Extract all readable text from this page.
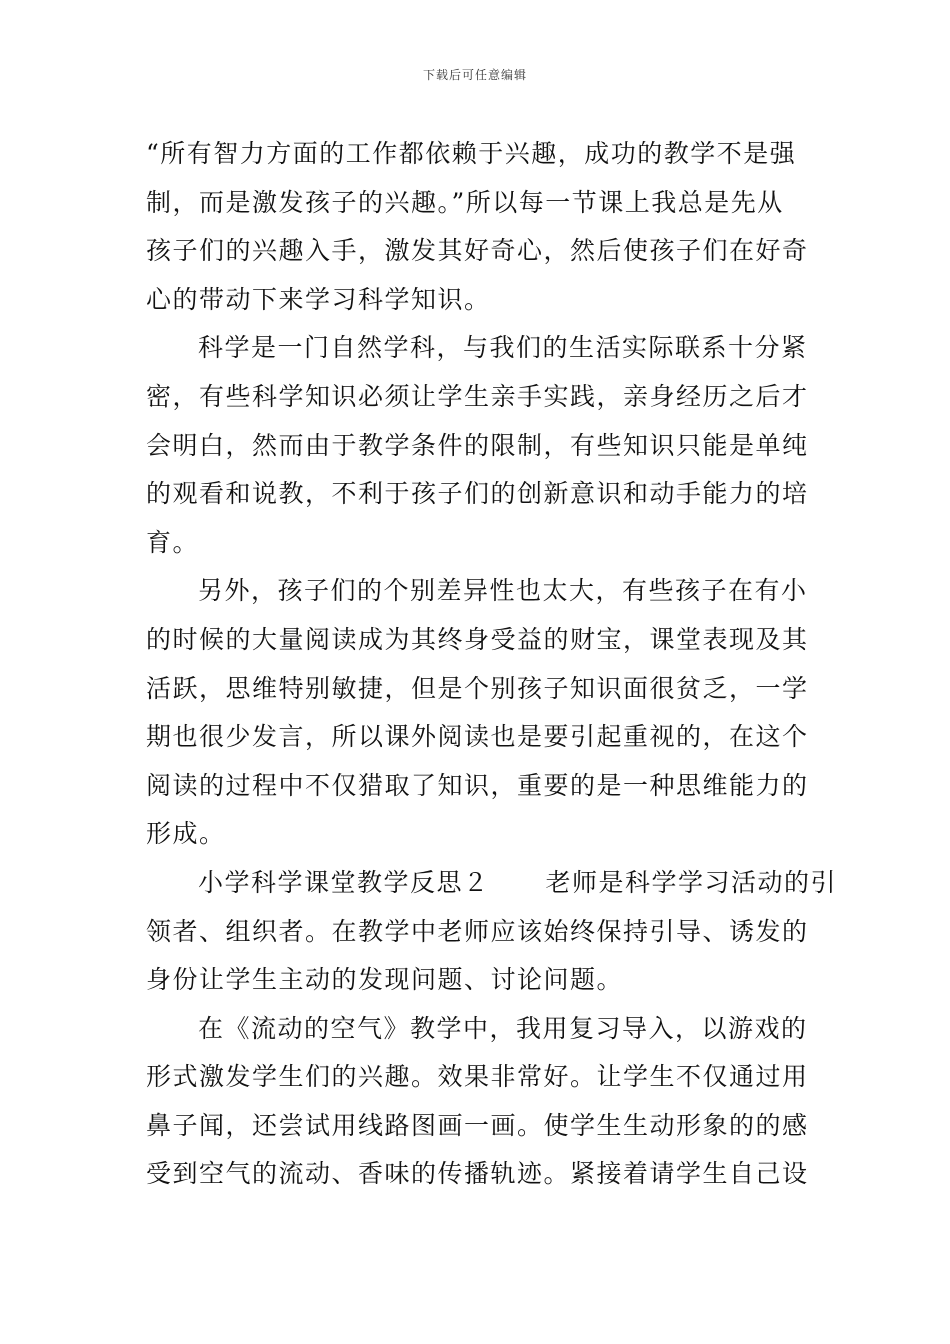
下载后可任意编辑
“所有智力方面的工作都依赖于兴趣，成功的教学不是强
制，而是激发孩子的兴趣。”所以每一节课上我总是先从
孩子们的兴趣入手，激发其好奇心，然后使孩子们在好奇
心的带动下来学习科学知识。
科学是一门自然学科，与我们的生活实际联系十分紧
密，有些科学知识必须让学生亲手实践，亲身经历之后才
会明白，然而由于教学条件的限制，有些知识只能是单纯
的观看和说教，不利于孩子们的创新意识和动手能力的培
育。
另外，孩子们的个别差异性也太大，有些孩子在有小
的时候的大量阅读成为其终身受益的财宝，课堂表现及其
活跃，思维特别敏捷，但是个别孩子知识面很贫乏，一学
期也很少发言，所以课外阅读也是要引起重视的，在这个
阅读的过程中不仅猎取了知识，重要的是一种思维能力的
形成。
小学科学课堂教学反思２ 老师是科学学习活动的引
领者、组织者。在教学中老师应该始终保持引导、诱发的
身份让学生主动的发现问题、讨论问题。
在《流动的空气》教学中，我用复习导入，以游戏的
形式激发学生们的兴趣。效果非常好。让学生不仅通过用
鼻子闻，还尝试用线路图画一画。使学生生动形象的的感
受到空气的流动、香味的传播轨迹。紧接着请学生自己设
